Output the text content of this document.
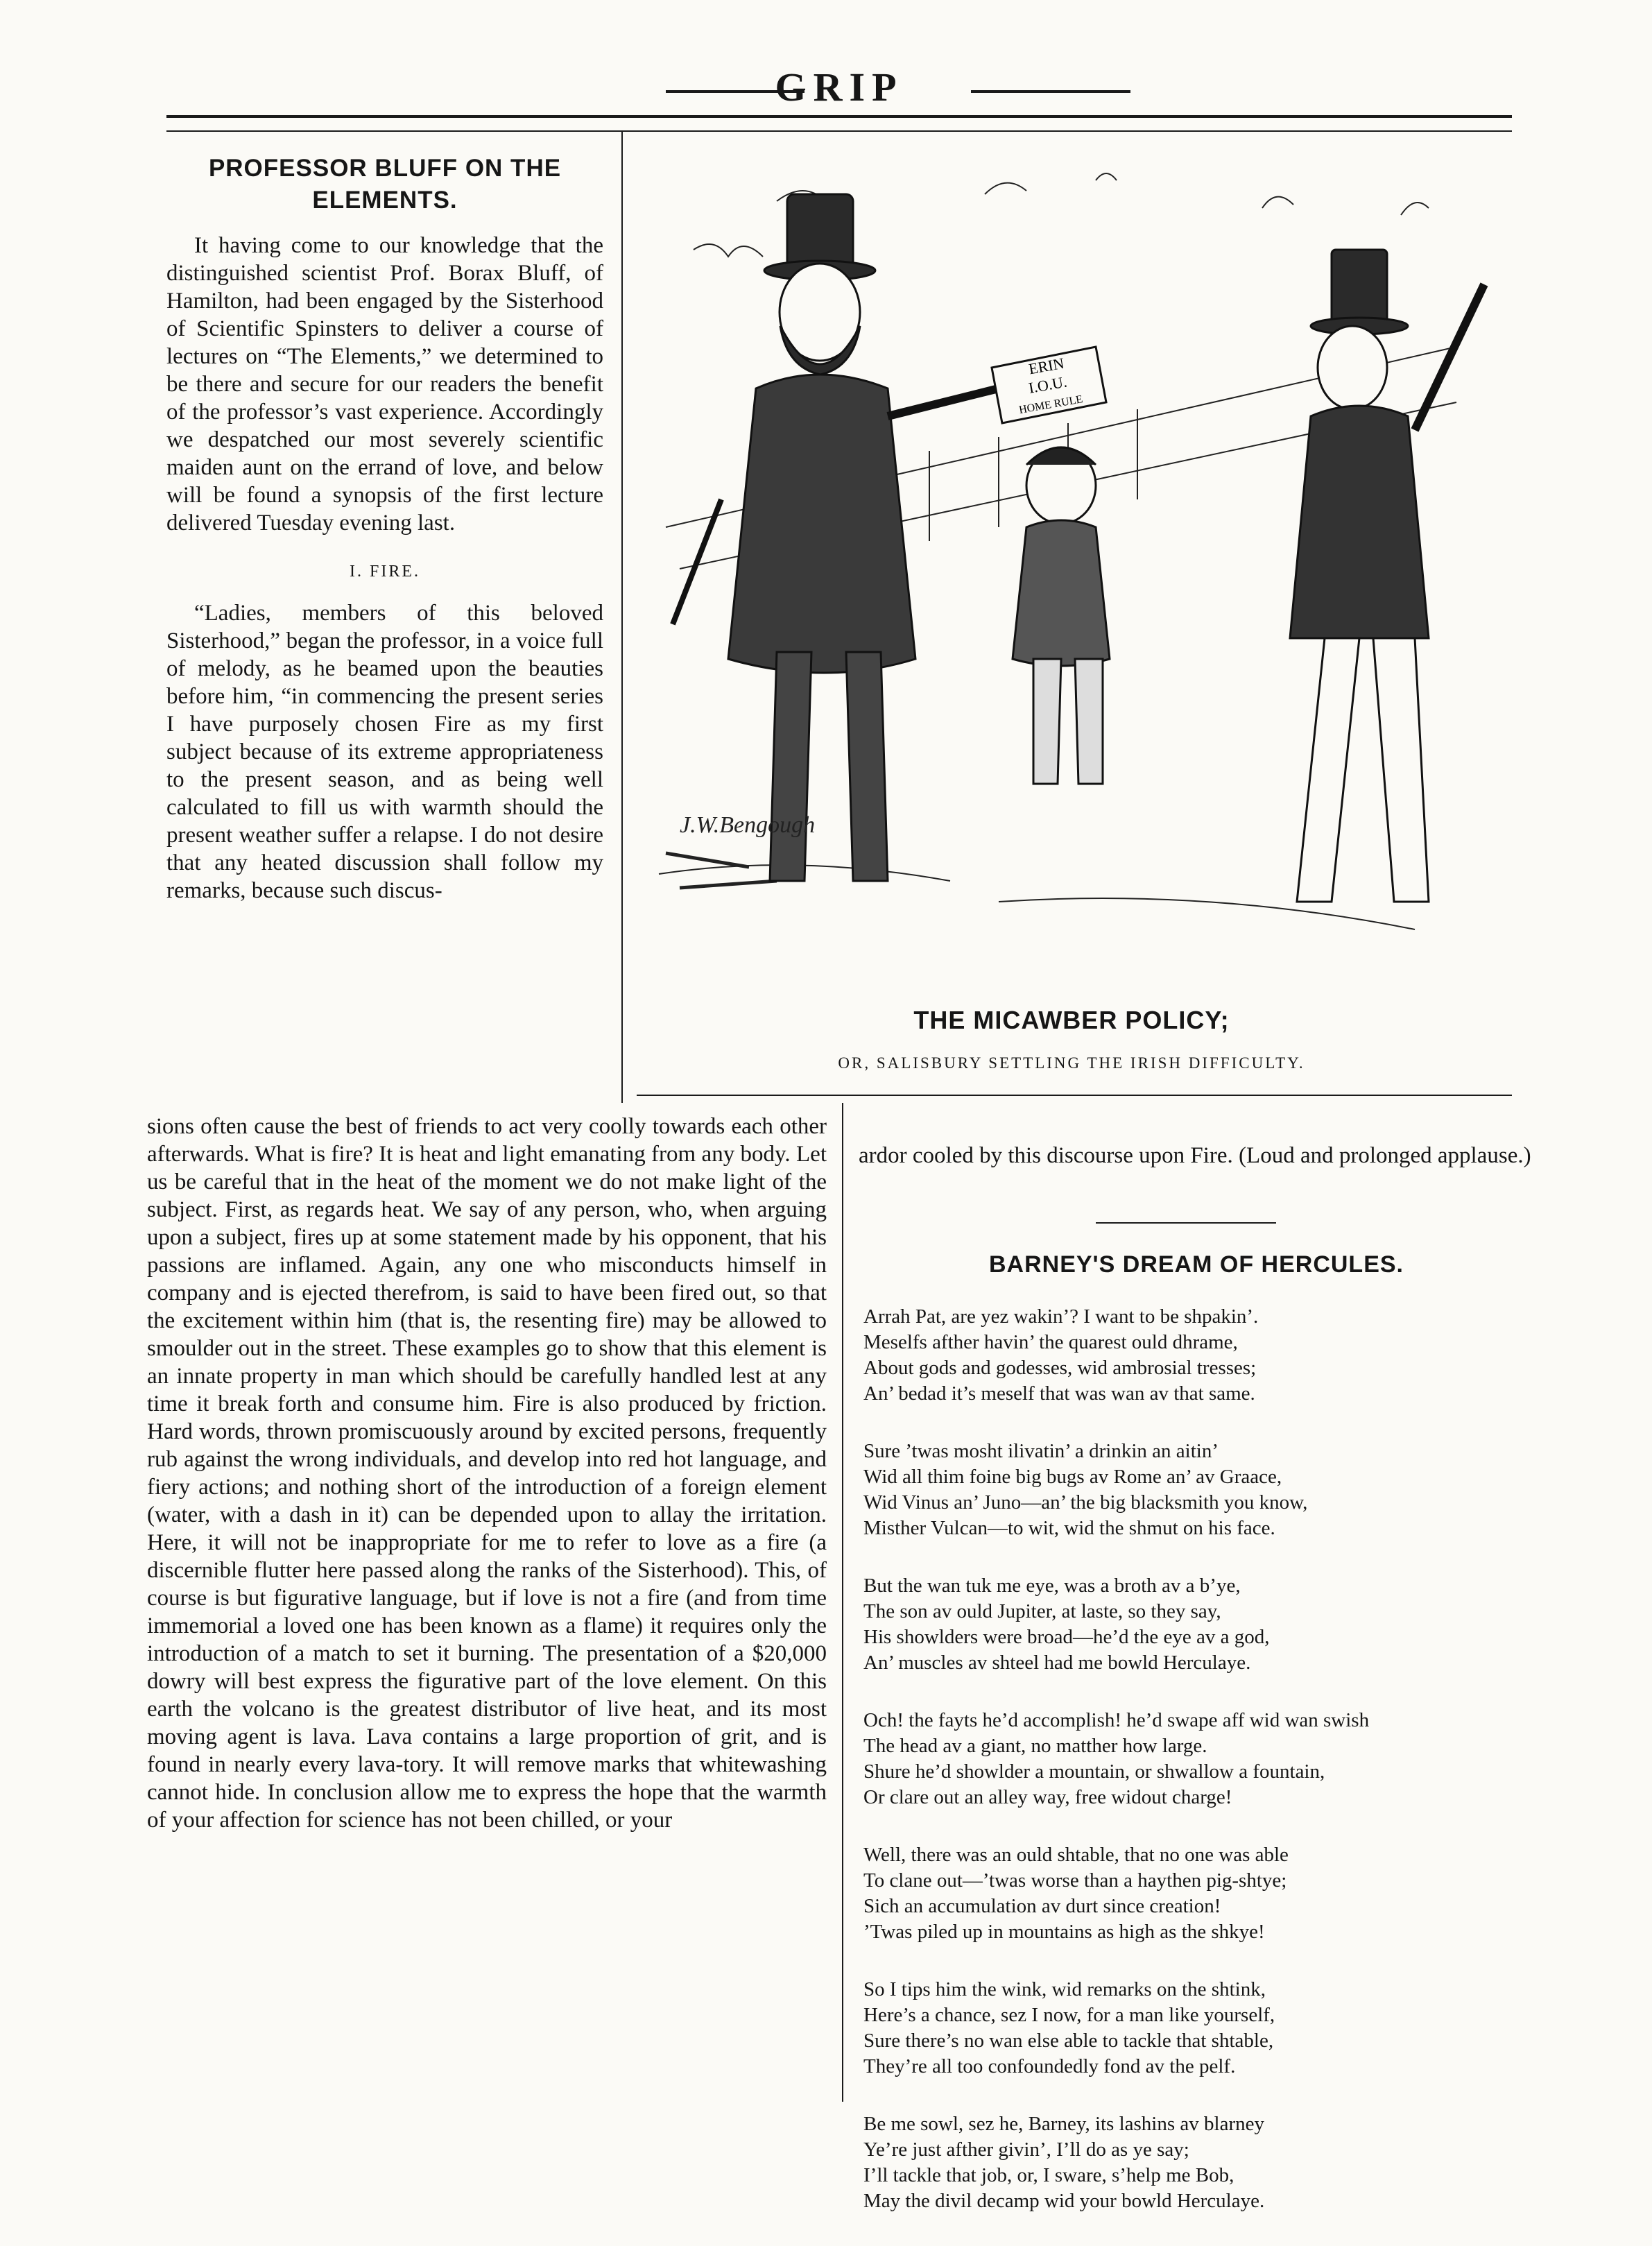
GRIP
PROFESSOR BLUFF ON THE ELEMENTS.

It having come to our knowledge that the distinguished scientist Prof. Borax Bluff, of Hamilton, had been engaged by the Sisterhood of Scientific Spinsters to deliver a course of lectures on “The Elements,” we determined to be there and secure for our readers the benefit of the professor’s vast experience. Accordingly we despatched our most severely scientific maiden aunt on the errand of love, and below will be found a synopsis of the first lecture delivered Tuesday evening last.

I. FIRE.

“Ladies, members of this beloved Sisterhood,” began the professor, in a voice full of melody, as he beamed upon the beauties before him, “in commencing the present series I have purposely chosen Fire as my first subject because of its extreme appropriateness to the present season, and as being well calculated to fill us with warmth should the present weather suffer a relapse. I do not desire that any heated discussion shall follow my remarks, because such discus-

ERIN
I.O.U.
HOME RULE
J.W.Bengough
THE MICAWBER POLICY;
OR, SALISBURY SETTLING THE IRISH DIFFICULTY.

sions often cause the best of friends to act very coolly towards each other afterwards. What is fire? It is heat and light emanating from any body. Let us be careful that in the heat of the moment we do not make light of the subject. First, as regards heat. We say of any person, who, when arguing upon a subject, fires up at some statement made by his opponent, that his passions are inflamed. Again, any one who misconducts himself in company and is ejected therefrom, is said to have been fired out, so that the excitement within him (that is, the resenting fire) may be allowed to smoulder out in the street. These examples go to show that this element is an innate property in man which should be carefully handled lest at any time it break forth and consume him. Fire is also produced by friction. Hard words, thrown promiscuously around by excited persons, frequently rub against the wrong individuals, and develop into red hot language, and fiery actions; and nothing short of the introduction of a foreign element (water, with a dash in it) can be depended upon to allay the irritation. Here, it will not be inappropriate for me to refer to love as a fire (a discernible flutter here passed along the ranks of the Sisterhood). This, of course is but figurative language, but if love is not a fire (and from time immemorial a loved one has been known as a flame) it requires only the introduction of a match to set it burning. The presentation of a $20,000 dowry will best express the figurative part of the love element. On this earth the volcano is the greatest distributor of live heat, and its most moving agent is lava. Lava contains a large proportion of grit, and is found in nearly every lava-tory. It will remove marks that whitewashing cannot hide. In conclusion allow me to express the hope that the warmth of your affection for science has not been chilled, or your

ardor cooled by this discourse upon Fire. (Loud and prolonged applause.)

BARNEY'S DREAM OF HERCULES.
Arrah Pat, are yez wakin’? I want to be shpakin’.
Meselfs afther havin’ the quarest ould dhrame,
About gods and godesses, wid ambrosial tresses;
An’ bedad it’s meself that was wan av that same.
Sure ’twas mosht ilivatin’ a drinkin an aitin’
Wid all thim foine big bugs av Rome an’ av Graace,
Wid Vinus an’ Juno—an’ the big blacksmith you know,
Misther Vulcan—to wit, wid the shmut on his face.
But the wan tuk me eye, was a broth av a b’ye,
The son av ould Jupiter, at laste, so they say,
His showlders were broad—he’d the eye av a god,
An’ muscles av shteel had me bowld Herculaye.
Och! the fayts he’d accomplish! he’d swape aff wid wan swish
The head av a giant, no matther how large.
Shure he’d showlder a mountain, or shwallow a fountain,
Or clare out an alley way, free widout charge!
Well, there was an ould shtable, that no one was able
To clane out—’twas worse than a haythen pig-shtye;
Sich an accumulation av durt since creation!
’Twas piled up in mountains as high as the shkye!
So I tips him the wink, wid remarks on the shtink,
Here’s a chance, sez I now, for a man like yourself,
Sure there’s no wan else able to tackle that shtable,
They’re all too confoundedly fond av the pelf.
Be me sowl, sez he, Barney, its lashins av blarney
Ye’re just afther givin’, I’ll do as ye say;
I’ll tackle that job, or, I sware, s’help me Bob,
May the divil decamp wid your bowld Herculaye.
